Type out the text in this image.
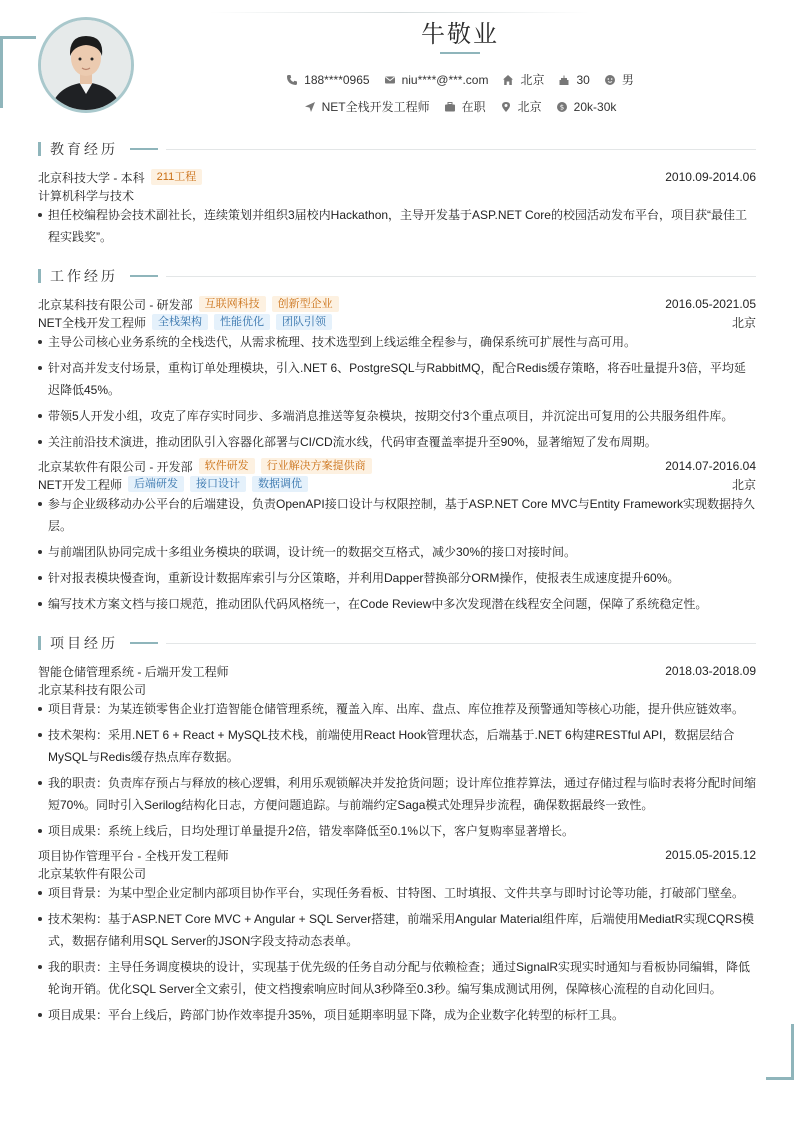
牛敬业
188****0965	niu****@***.com	北京	30	男
NET全栈开发工程师	在职	北京	$ 20k-30k
教育经历
北京科技大学 - 本科	211工程	2010.09-2014.06
计算机科学与技术
担任校编程协会技术副社长，连续策划并组织3届校内Hackathon，主导开发基于ASP.NET Core的校园活动发布平台，项目获“最佳工程实践奖”。
工作经历
北京某科技有限公司 - 研发部	互联网科技	创新型企业	2016.05-2021.05
NET全栈开发工程师	全栈架构	性能优化	团队引领	北京
主导公司核心业务系统的全栈迭代，从需求梳理、技术选型到上线运维全程参与，确保系统可扩展性与高可用。
针对高并发支付场景，重构订单处理模块，引入.NET 6、PostgreSQL与RabbitMQ，配合Redis缓存策略，将吞吐量提升3倍，平均延迟降低45%。
带领5人开发小组，攻克了库存实时同步、多端消息推送等复杂模块，按期交付3个重点项目，并沉淀出可复用的公共服务组件库。
关注前沿技术演进，推动团队引入容器化部署与CI/CD流水线，代码审查覆盖率提升至90%，显著缩短了发布周期。
北京某软件有限公司 - 开发部	软件研发	行业解决方案提供商	2014.07-2016.04
NET开发工程师	后端研发	接口设计	数据调优	北京
参与企业级移动办公平台的后端建设，负责OpenAPI接口设计与权限控制，基于ASP.NET Core MVC与Entity Framework实现数据持久层。
与前端团队协同完成十多组业务模块的联调，设计统一的数据交互格式，减少30%的接口对接时间。
针对报表模块慢查询，重新设计数据库索引与分区策略，并利用Dapper替换部分ORM操作，使报表生成速度提升60%。
编写技术方案文档与接口规范，推动团队代码风格统一，在Code Review中多次发现潜在线程安全问题，保障了系统稳定性。
项目经历
智能仓储管理系统 - 后端开发工程师	2018.03-2018.09
北京某科技有限公司
项目背景：为某连锁零售企业打造智能仓储管理系统，覆盖入库、出库、盘点、库位推荐及预警通知等核心功能，提升供应链效率。
技术架构：采用.NET 6 + React + MySQL技术栈，前端使用React Hook管理状态，后端基于.NET 6构建RESTful API，数据层结合MySQL与Redis缓存热点库存数据。
我的职责：负责库存预占与释放的核心逻辑，利用乐观锁解决并发抢货问题；设计库位推荐算法，通过存储过程与临时表将分配时间缩短70%。同时引入Serilog结构化日志，方便问题追踪。与前端约定Saga模式处理异步流程，确保数据最终一致性。
项目成果：系统上线后，日均处理订单量提升2倍，错发率降低至0.1%以下，客户复购率显著增长。
项目协作管理平台 - 全栈开发工程师	2015.05-2015.12
北京某软件有限公司
项目背景：为某中型企业定制内部项目协作平台，实现任务看板、甘特图、工时填报、文件共享与即时讨论等功能，打破部门壁垒。
技术架构：基于ASP.NET Core MVC + Angular + SQL Server搭建，前端采用Angular Material组件库，后端使用MediatR实现CQRS模式，数据存储利用SQL Server的JSON字段支持动态表单。
我的职责：主导任务调度模块的设计，实现基于优先级的任务自动分配与依赖检查；通过SignalR实现实时通知与看板协同编辑，降低轮询开销。优化SQL Server全文索引，使文档搜索响应时间从3秒降至0.3秒。编写集成测试用例，保障核心流程的自动化回归。
项目成果：平台上线后，跨部门协作效率提升35%，项目延期率明显下降，成为企业数字化转型的标杆工具。
